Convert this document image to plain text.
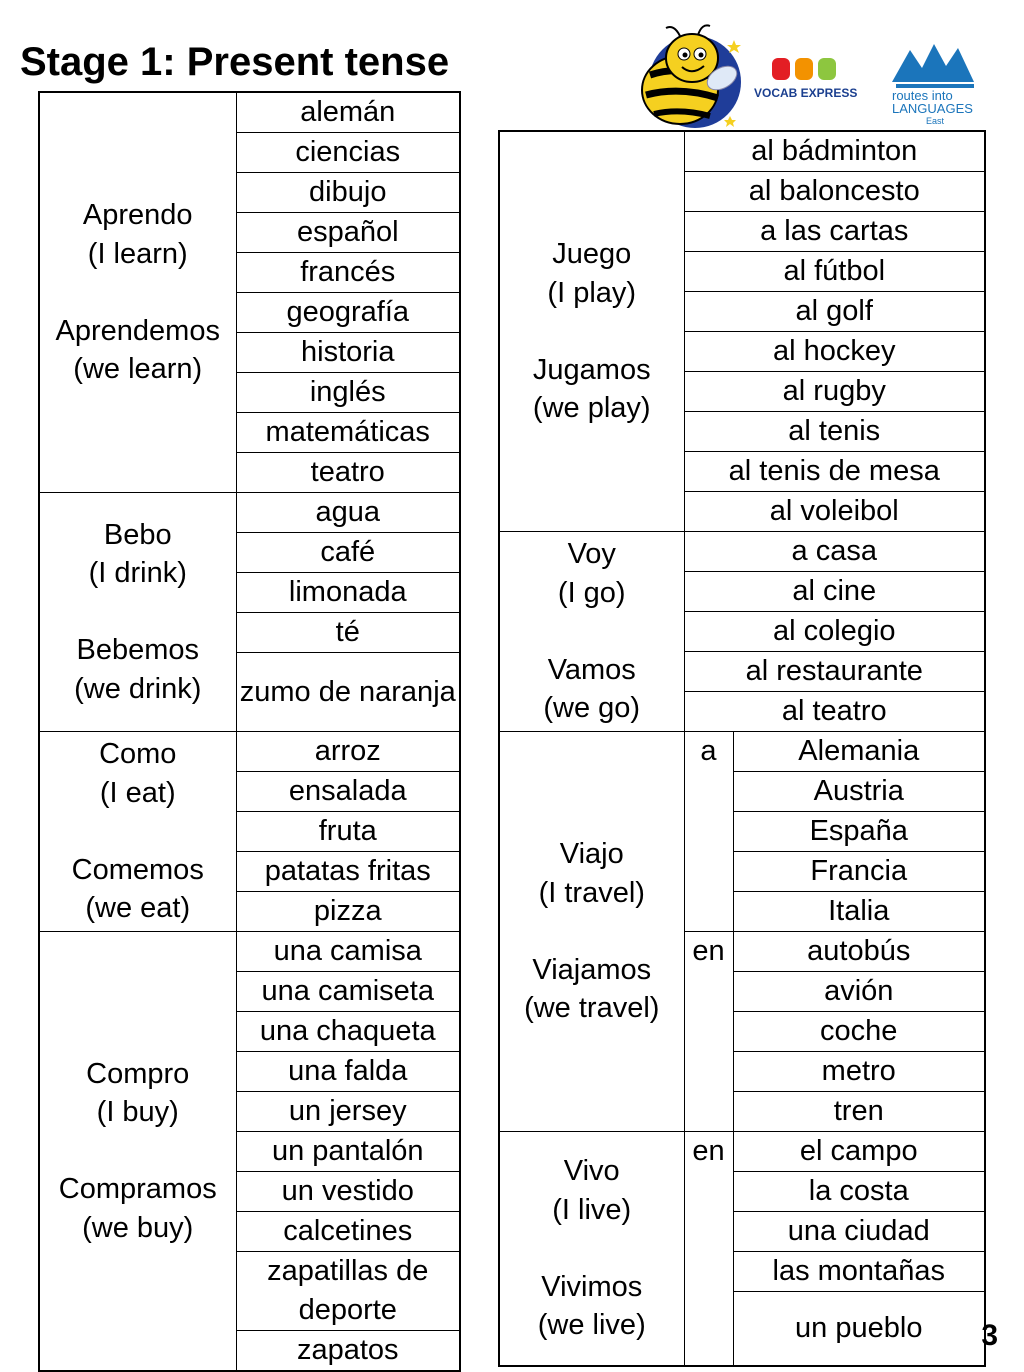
Stage 1: Present tense
VOCAB EXPRESS	routes into
LANGUAGES
East
Aprendo
(I learn)
Aprendemos
(we learn)	alemán
	ciencias
	dibujo
	español
	francés
	geografía
	historia
	inglés
	matemáticas
	teatro

Bebo
(I drink)
Bebemos
(we drink)	agua
	café
	limonada
	té
	zumo de naranja

Como
(I eat)
Comemos
(we eat)	arroz
	ensalada
	fruta
	patatas fritas
	pizza

Compro
(I buy)
Compramos
(we buy)	una camisa
	una camiseta
	una chaqueta
	una falda
	un jersey
	un pantalón
	un vestido
	calcetines
	zapatillas de deporte
	zapatos
Juego
(I play)
Jugamos
(we play)	al bádminton	
	al baloncesto	
	a las cartas	
	al fútbol	
	al golf	
	al hockey	
	al rugby	
	al tenis	
	al tenis de mesa	
	al voleibol	

Voy
(I go)
Vamos
(we go)	a casa	
	al cine	
	al colegio	
	al restaurante	
	al teatro	

Viajo
(I travel)
Viajamos
(we travel)	a	Alemania
		Austria
		España
		Francia
		Italia
	en	autobús
		avión
		coche
		metro
		tren

Vivo
(I live)
Vivimos
(we live)	en	el campo
		la costa
		una ciudad
		las montañas
		un pueblo 3
